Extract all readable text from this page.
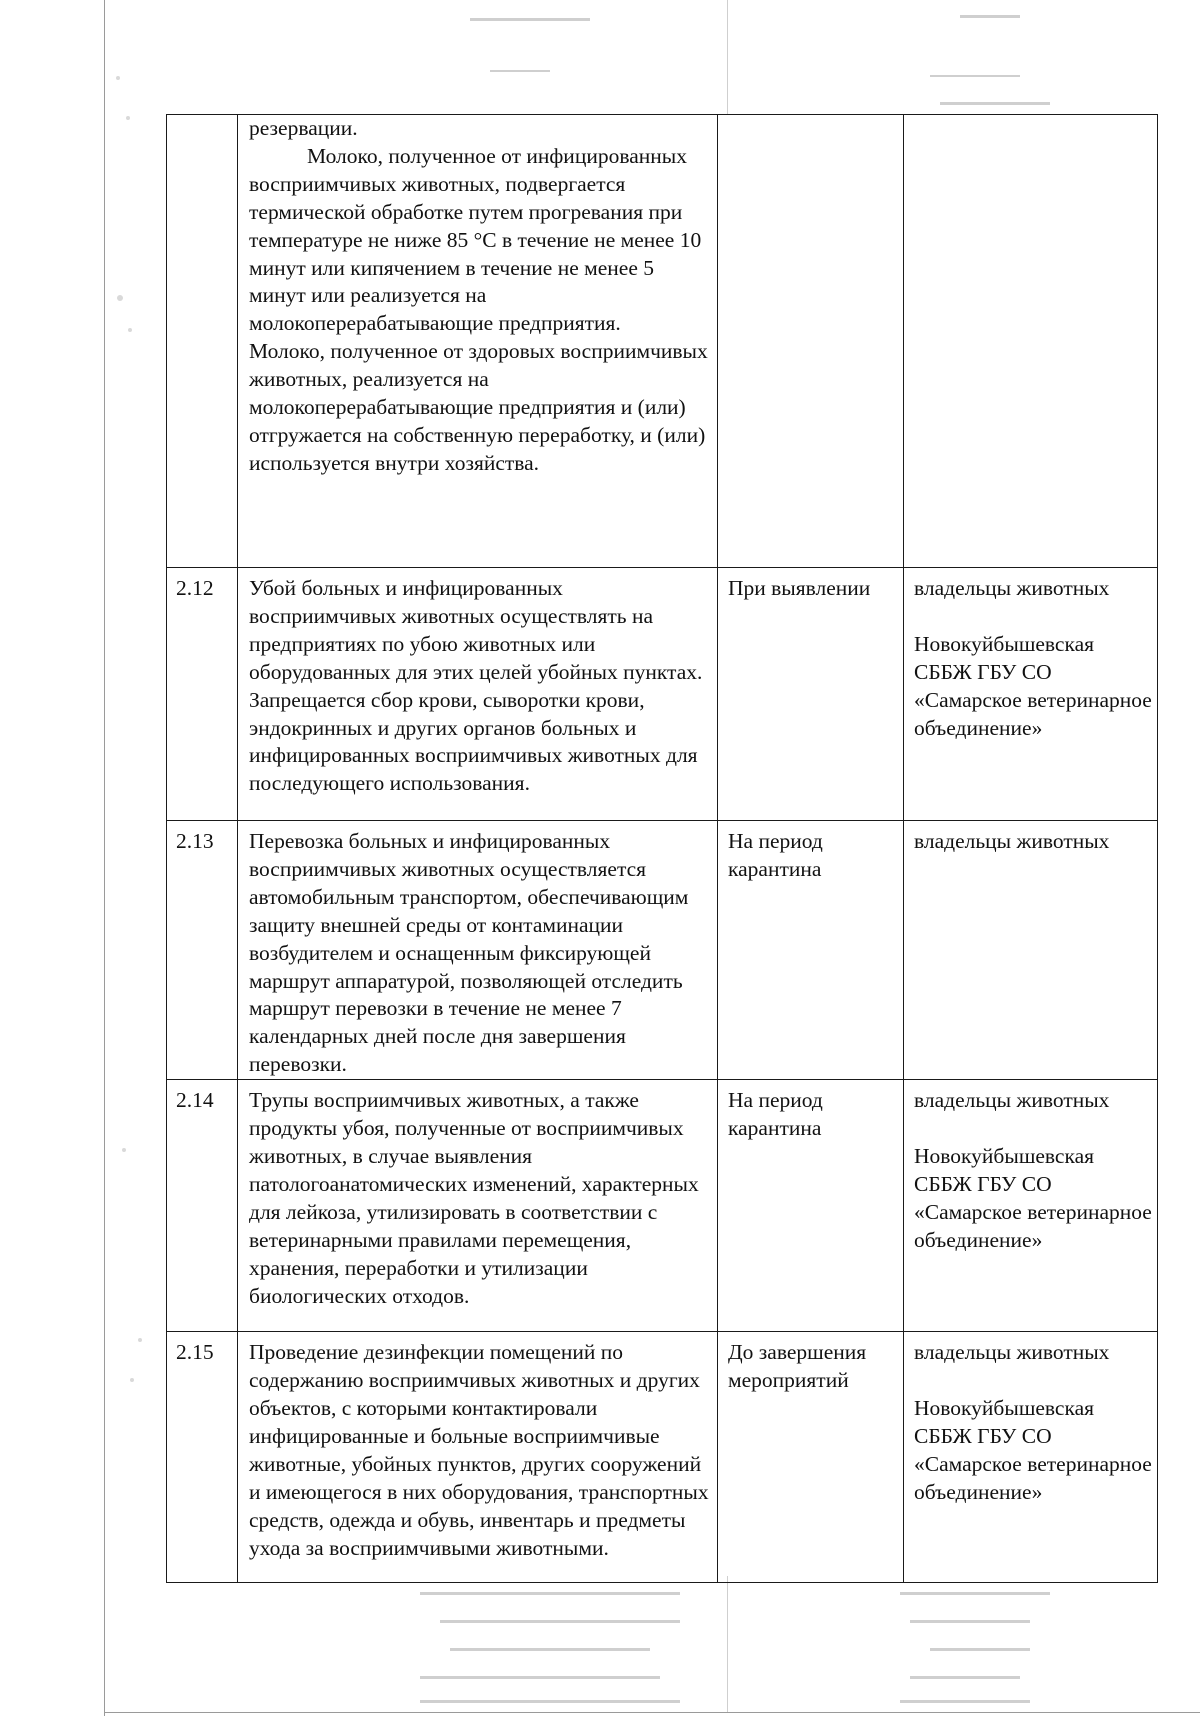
	резервации.
Молоко, полученное от инфицированных восприимчивых животных, подвергается термической обработке путем прогревания при температуре не ниже 85 °С в течение не менее 10 минут или кипячением в течение не менее 5 минут или реализуется на молокоперерабатывающие предприятия.
Молоко, полученное от здоровых восприимчивых животных, реализуется на молокоперерабатывающие предприятия и (или) отгружается на собственную переработку, и (или) используется внутри хозяйства.		

2.12	Убой больных и инфицированных восприимчивых животных осуществлять на предприятиях по убою животных или оборудованных для этих целей убойных пунктах. Запрещается сбор крови, сыворотки крови, эндокринных и других органов больных и инфицированных восприимчивых животных для последующего использования.	При выявлении	владельцы животных
Новокуйбышевская СББЖ ГБУ СО «Самарское ветеринарное объединение»

2.13	Перевозка больных и инфицированных восприимчивых животных осуществляется автомобильным транспортом, обеспечивающим защиту внешней среды от контаминации возбудителем и оснащенным фиксирующей маршрут аппаратурой, позволяющей отследить маршрут перевозки в течение не менее 7 календарных дней после дня завершения перевозки.	На период карантина	владельцы животных

2.14	Трупы восприимчивых животных, а также продукты убоя, полученные от восприимчивых животных, в случае выявления патологоанатомических изменений, характерных для лейкоза, утилизировать в соответствии с ветеринарными правилами перемещения, хранения, переработки и утилизации биологических отходов.	На период карантина	владельцы животных
Новокуйбышевская СББЖ ГБУ СО «Самарское ветеринарное объединение»

2.15	Проведение дезинфекции помещений по содержанию восприимчивых животных и других объектов, с которыми контактировали инфицированные и больные восприимчивые животные, убойных пунктов, других сооружений и имеющегося в них оборудования, транспортных средств, одежда и обувь, инвентарь и предметы ухода за восприимчивыми животными.	До завершения мероприятий	владельцы животных
Новокуйбышевская СББЖ ГБУ СО «Самарское ветеринарное объединение»
